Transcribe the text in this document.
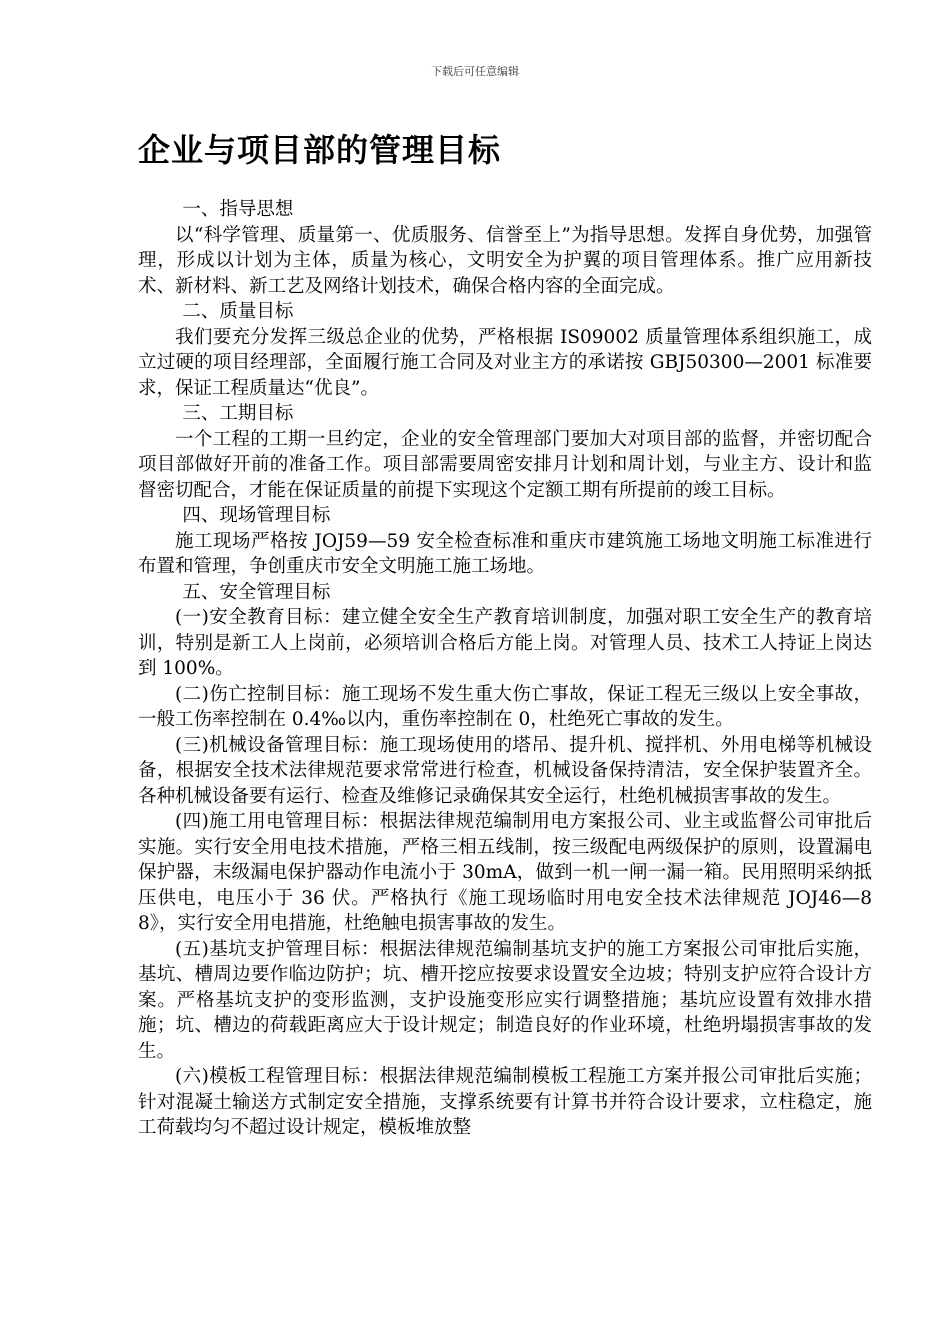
下载后可任意编辑
企业与项目部的管理目标
一、指导思想

以“科学管理、质量第一、优质服务、信誉至上”为指导思想。发挥自身优势，加强管理，形成以计划为主体，质量为核心，文明安全为护翼的项目管理体系。推广应用新技术、新材料、新工艺及网络计划技术，确保合格内容的全面完成。

二、质量目标

我们要充分发挥三级总企业的优势，严格根据 IS09002 质量管理体系组织施工，成立过硬的项目经理部，全面履行施工合同及对业主方的承诺按 GBJ50300—2001 标准要求，保证工程质量达“优良”。

三、工期目标

一个工程的工期一旦约定，企业的安全管理部门要加大对项目部的监督，并密切配合项目部做好开前的准备工作。项目部需要周密安排月计划和周计划，与业主方、设计和监督密切配合，才能在保证质量的前提下实现这个定额工期有所提前的竣工目标。

四、现场管理目标

施工现场严格按 JOJ59—59 安全检查标准和重庆市建筑施工场地文明施工标准进行布置和管理，争创重庆市安全文明施工施工场地。

五、安全管理目标

(一)安全教育目标：建立健全安全生产教育培训制度，加强对职工安全生产的教育培训，特别是新工人上岗前，必须培训合格后方能上岗。对管理人员、技术工人持证上岗达到 100%。

(二)伤亡控制目标：施工现场不发生重大伤亡事故，保证工程无三级以上安全事故，一般工伤率控制在 0.4‰以内，重伤率控制在 0，杜绝死亡事故的发生。

(三)机械设备管理目标：施工现场使用的塔吊、提升机、搅拌机、外用电梯等机械设备，根据安全技术法律规范要求常常进行检查，机械设备保持清洁，安全保护装置齐全。各种机械设备要有运行、检查及维修记录确保其安全运行，杜绝机械损害事故的发生。

(四)施工用电管理目标：根据法律规范编制用电方案报公司、业主或监督公司审批后实施。实行安全用电技术措施，严格三相五线制，按三级配电两级保护的原则，设置漏电保护器，末级漏电保护器动作电流小于 30mA，做到一机一闸一漏一箱。民用照明采纳抵压供电，电压小于 36 伏。严格执行《施工现场临时用电安全技术法律规范 JOJ46—88》，实行安全用电措施，杜绝触电损害事故的发生。

(五)基坑支护管理目标：根据法律规范编制基坑支护的施工方案报公司审批后实施，基坑、槽周边要作临边防护；坑、槽开挖应按要求设置安全边坡；特别支护应符合设计方案。严格基坑支护的变形监测，支护设施变形应实行调整措施；基坑应设置有效排水措施；坑、槽边的荷载距离应大于设计规定；制造良好的作业环境，杜绝坍塌损害事故的发生。

(六)模板工程管理目标：根据法律规范编制模板工程施工方案并报公司审批后实施；针对混凝土输送方式制定安全措施，支撑系统要有计算书并符合设计要求，立柱稳定，施工荷载均匀不超过设计规定，模板堆放整
